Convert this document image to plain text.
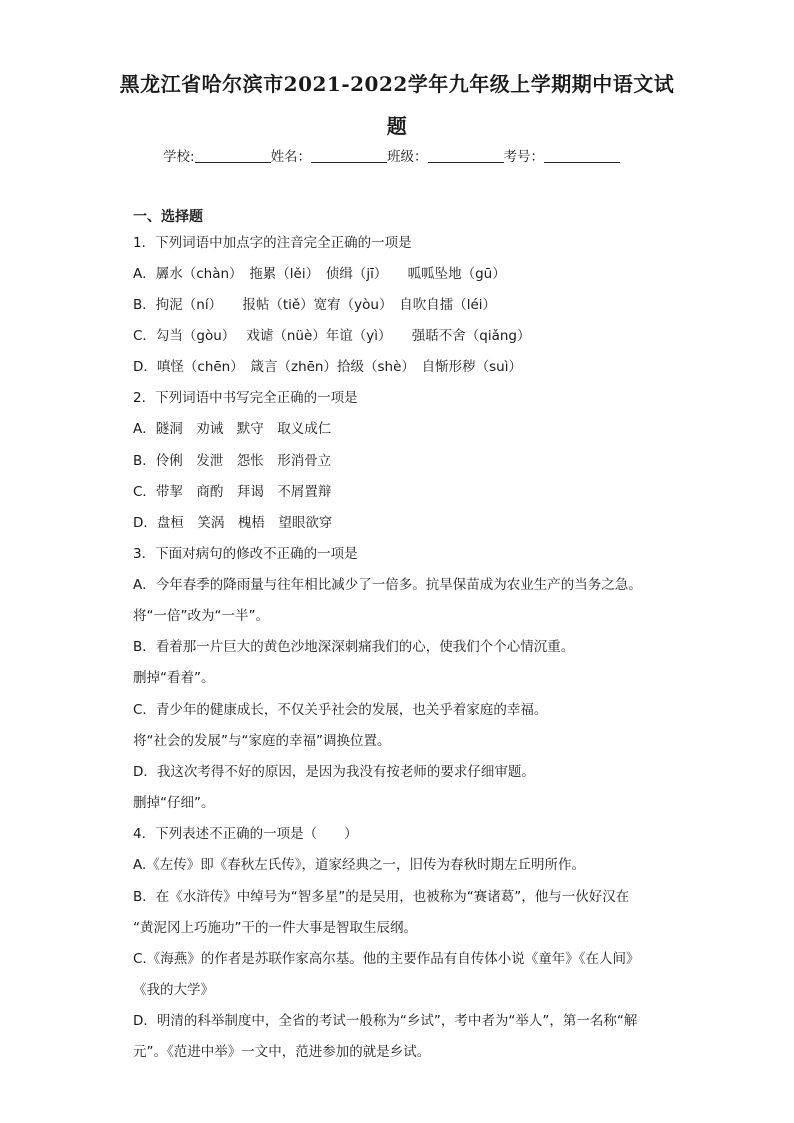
黑龙江省哈尔滨市2021-2022学年九年级上学期期中语文试
题
学校:	姓名：	班级：	考号：
一、选择题
1．下列词语中加点字的注音完全正确的一项是
A．羼水（chàn）　拖累（lěi）　侦缉（jī）　　呱呱坠地（gū）
B．拘泥（ní）　　报帖（tiě）宽宥（yòu）　自吹自擂（léi）
C．勾当（gòu）　 戏谑（nüè）年谊（yì）　　强聒不舍（qiǎng）
D．嗔怪（chēn）　箴言（zhēn）拾级（shè）　自惭形秽（suì）
2．下列词语中书写完全正确的一项是
A．隧洞　劝诫　默守　取义成仁
B．伶俐　发泄　怨怅　形消骨立
C．带挈　商酌　拜谒　不屑置辩
D．盘桓　笑涡　槐梧　望眼欲穿
3．下面对病句的修改不正确的一项是
A．今年春季的降雨量与往年相比减少了一倍多。抗旱保苗成为农业生产的当务之急。
将“一倍”改为“一半”。
B．看着那一片巨大的黄色沙地深深刺痛我们的心，使我们个个心情沉重。
删掉“看着”。
C．青少年的健康成长，不仅关乎社会的发展，也关乎着家庭的幸福。
将“社会的发展”与“家庭的幸福”调换位置。
D．我这次考得不好的原因，是因为我没有按老师的要求仔细审题。
删掉“仔细”。
4．下列表述不正确的一项是（　　）
A.《左传》即《春秋左氏传》，道家经典之一，旧传为春秋时期左丘明所作。
B．在《水浒传》中绰号为“智多星”的是吴用，也被称为“赛诸葛”，他与一伙好汉在
“黄泥冈上巧施功”干的一件大事是智取生辰纲。
C.《海燕》的作者是苏联作家高尔基。他的主要作品有自传体小说《童年》《在人间》
《我的大学》
D．明清的科举制度中，全省的考试一般称为“乡试”，考中者为“举人”，第一名称“解
元”。《范进中举》一文中，范进参加的就是乡试。
